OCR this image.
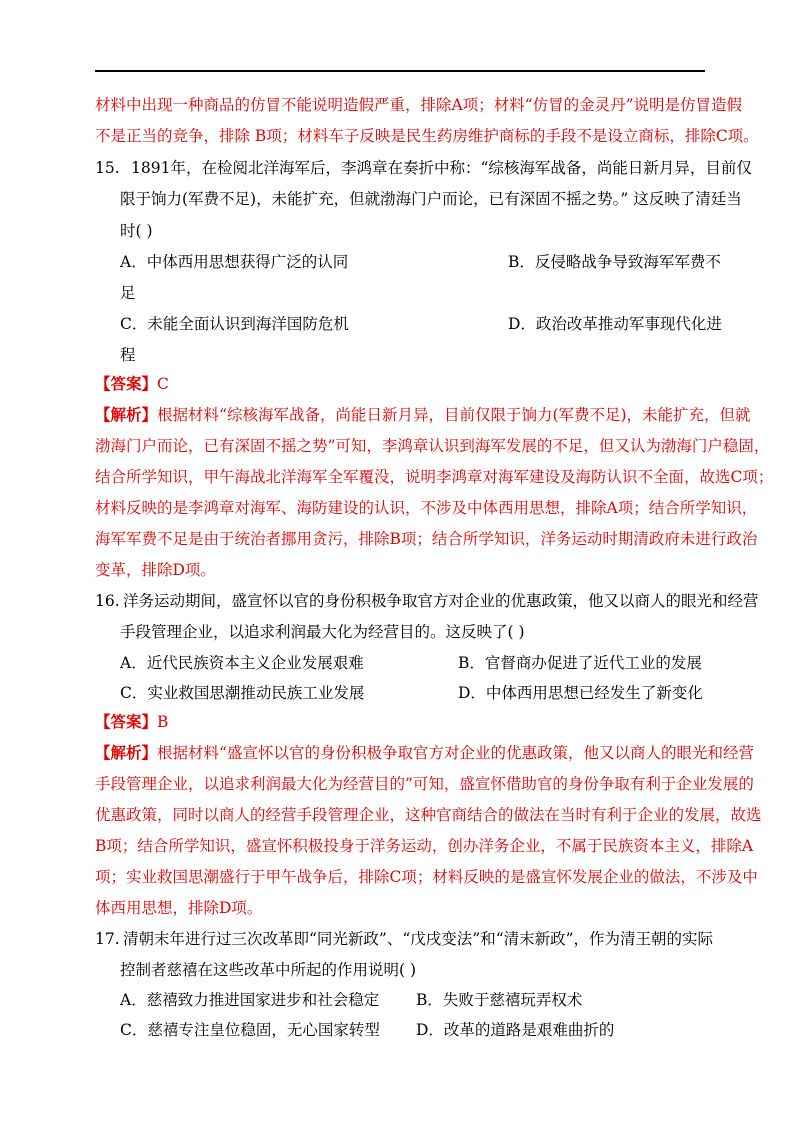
材料中出现一种商品的仿冒不能说明造假严重，排除A项；材料“仿冒的金灵丹”说明是仿冒造假
不是正当的竞争，排除 B项；材料车子反映是民生药房维护商标的手段不是设立商标，排除C项。
15. 1891年，在检阅北洋海军后，李鸿章在奏折中称：“综核海军战备，尚能日新月异，目前仅
限于饷力(军费不足)，未能扩充，但就渤海门户而论，已有深固不摇之势。” 这反映了清廷当
时( )
A．中体西用思想获得广泛的认同	B．反侵略战争导致海军军费不
足
C．未能全面认识到海洋国防危机	D．政治改革推动军事现代化进
程
【答案】C
【解析】根据材料“综核海军战备，尚能日新月异，目前仅限于饷力(军费不足)，未能扩充，但就
渤海门户而论，已有深固不摇之势”可知，李鸿章认识到海军发展的不足，但又认为渤海门户稳固，
结合所学知识，甲午海战北洋海军全军覆没，说明李鸿章对海军建设及海防认识不全面，故选C项；
材料反映的是李鸿章对海军、海防建设的认识，不涉及中体西用思想，排除A项；结合所学知识，
海军军费不足是由于统治者挪用贪污，排除B项；结合所学知识，洋务运动时期清政府未进行政治
变革，排除D项。
16. 洋务运动期间，盛宣怀以官的身份积极争取官方对企业的优惠政策，他又以商人的眼光和经营
手段管理企业，以追求利润最大化为经营目的。这反映了( )
A．近代民族资本主义企业发展艰难	B．官督商办促进了近代工业的发展
C．实业救国思潮推动民族工业发展	D．中体西用思想已经发生了新变化
【答案】B
【解析】根据材料“盛宣怀以官的身份积极争取官方对企业的优惠政策，他又以商人的眼光和经营
手段管理企业，以追求利润最大化为经营目的”可知，盛宣怀借助官的身份争取有利于企业发展的
优惠政策，同时以商人的经营手段管理企业，这种官商结合的做法在当时有利于企业的发展，故选
B项；结合所学知识，盛宣怀积极投身于洋务运动，创办洋务企业，不属于民族资本主义，排除A
项；实业救国思潮盛行于甲午战争后，排除C项；材料反映的是盛宣怀发展企业的做法，不涉及中
体西用思想，排除D项。
17. 清朝末年进行过三次改革即“同光新政”、“戊戌变法”和“清末新政”，作为清王朝的实际
控制者慈禧在这些改革中所起的作用说明( )
A．慈禧致力推进国家进步和社会稳定 B．失败于慈禧玩弄权术
C．慈禧专注皇位稳固，无心国家转型 D．改革的道路是艰难曲折的
